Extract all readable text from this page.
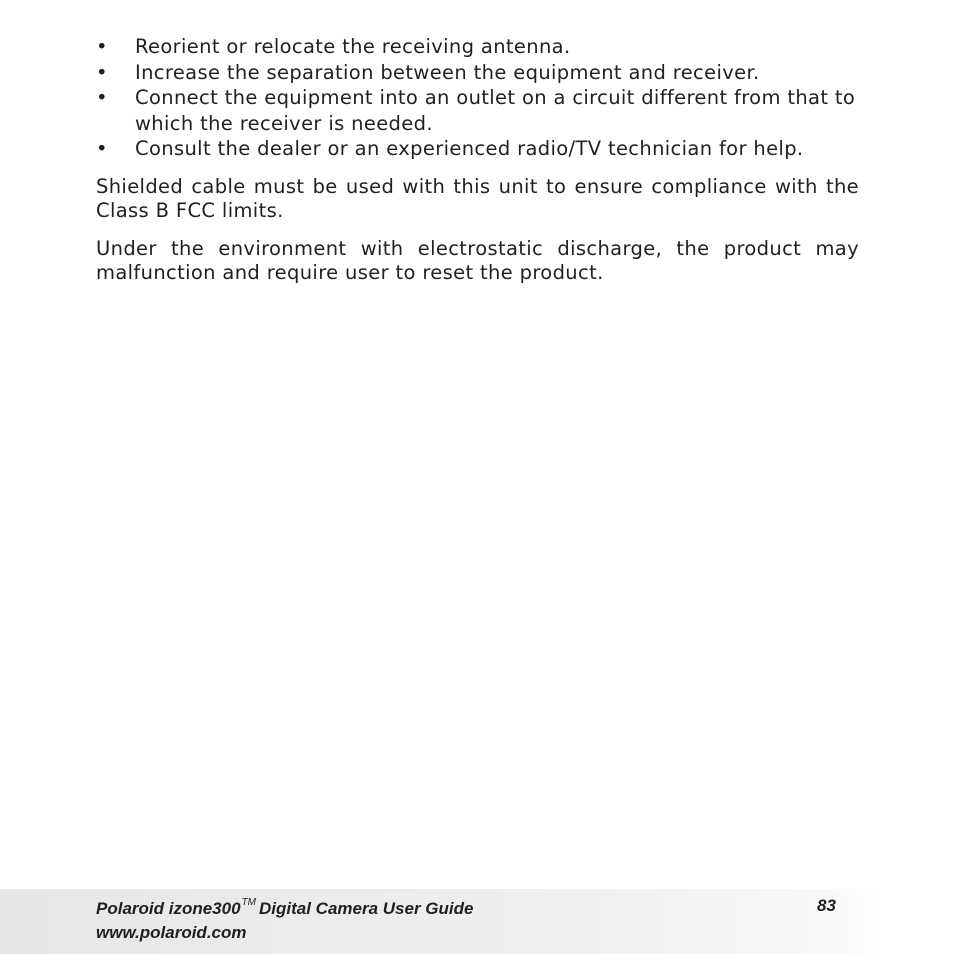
• Reorient or relocate the receiving antenna.
• Increase the separation between the equipment and receiver.
• Connect the equipment into an outlet on a circuit different from that to which the receiver is needed.
• Consult the dealer or an experienced radio/TV technician for help.

Shielded cable must be used with this unit to ensure compliance with the Class B FCC limits.

Under the environment with electrostatic discharge, the product may malfunction and require user to reset the product.

Polaroid izone300™ Digital Camera User Guide
www.polaroid.com
83
